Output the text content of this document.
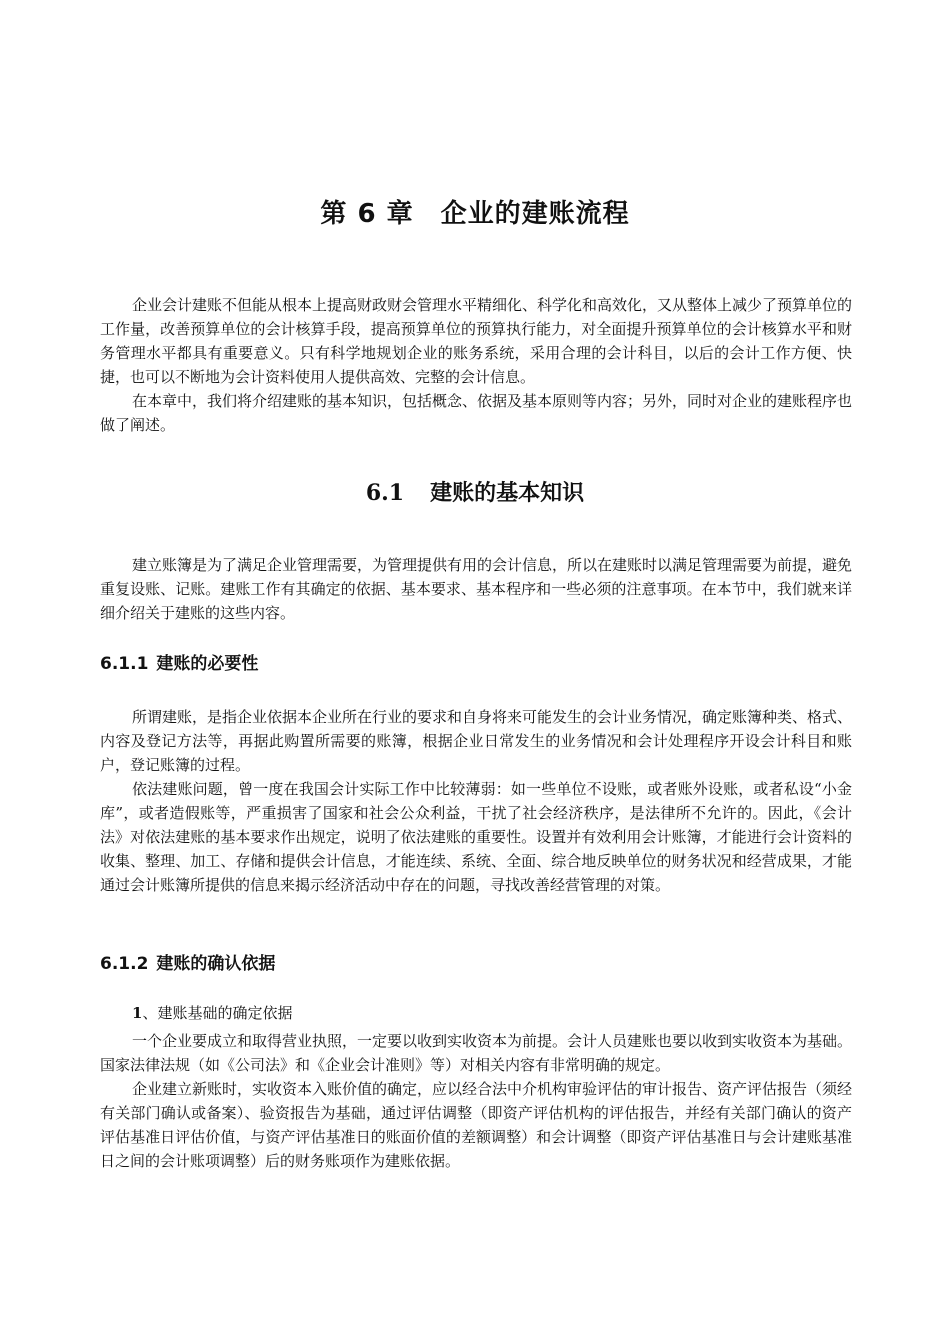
第 6 章　企业的建账流程

企业会计建账不但能从根本上提高财政财会管理水平精细化、科学化和高效化，又从整体上减少了预算单位的工作量，改善预算单位的会计核算手段，提高预算单位的预算执行能力，对全面提升预算单位的会计核算水平和财务管理水平都具有重要意义。只有科学地规划企业的账务系统，采用合理的会计科目，以后的会计工作方便、快捷，也可以不断地为会计资料使用人提供高效、完整的会计信息。

在本章中，我们将介绍建账的基本知识，包括概念、依据及基本原则等内容；另外，同时对企业的建账程序也做了阐述。

6.1 建账的基本知识

建立账簿是为了满足企业管理需要，为管理提供有用的会计信息，所以在建账时以满足管理需要为前提，避免重复设账、记账。建账工作有其确定的依据、基本要求、基本程序和一些必须的注意事项。在本节中，我们就来详细介绍关于建账的这些内容。

6.1.1 建账的必要性

所谓建账，是指企业依据本企业所在行业的要求和自身将来可能发生的会计业务情况，确定账簿种类、格式、内容及登记方法等，再据此购置所需要的账簿，根据企业日常发生的业务情况和会计处理程序开设会计科目和账户，登记账簿的过程。

依法建账问题，曾一度在我国会计实际工作中比较薄弱：如一些单位不设账，或者账外设账，或者私设“小金库”，或者造假账等，严重损害了国家和社会公众利益，干扰了社会经济秩序，是法律所不允许的。因此，《会计法》对依法建账的基本要求作出规定，说明了依法建账的重要性。设置并有效利用会计账簿，才能进行会计资料的收集、整理、加工、存储和提供会计信息，才能连续、系统、全面、综合地反映单位的财务状况和经营成果，才能通过会计账簿所提供的信息来揭示经济活动中存在的问题，寻找改善经营管理的对策。

6.1.2 建账的确认依据

1、建账基础的确定依据

一个企业要成立和取得营业执照，一定要以收到实收资本为前提。会计人员建账也要以收到实收资本为基础。国家法律法规（如《公司法》和《企业会计准则》等）对相关内容有非常明确的规定。

企业建立新账时，实收资本入账价值的确定，应以经合法中介机构审验评估的审计报告、资产评估报告（须经有关部门确认或备案）、验资报告为基础，通过评估调整（即资产评估机构的评估报告，并经有关部门确认的资产评估基准日评估价值，与资产评估基准日的账面价值的差额调整）和会计调整（即资产评估基准日与会计建账基准日之间的会计账项调整）后的财务账项作为建账依据。
